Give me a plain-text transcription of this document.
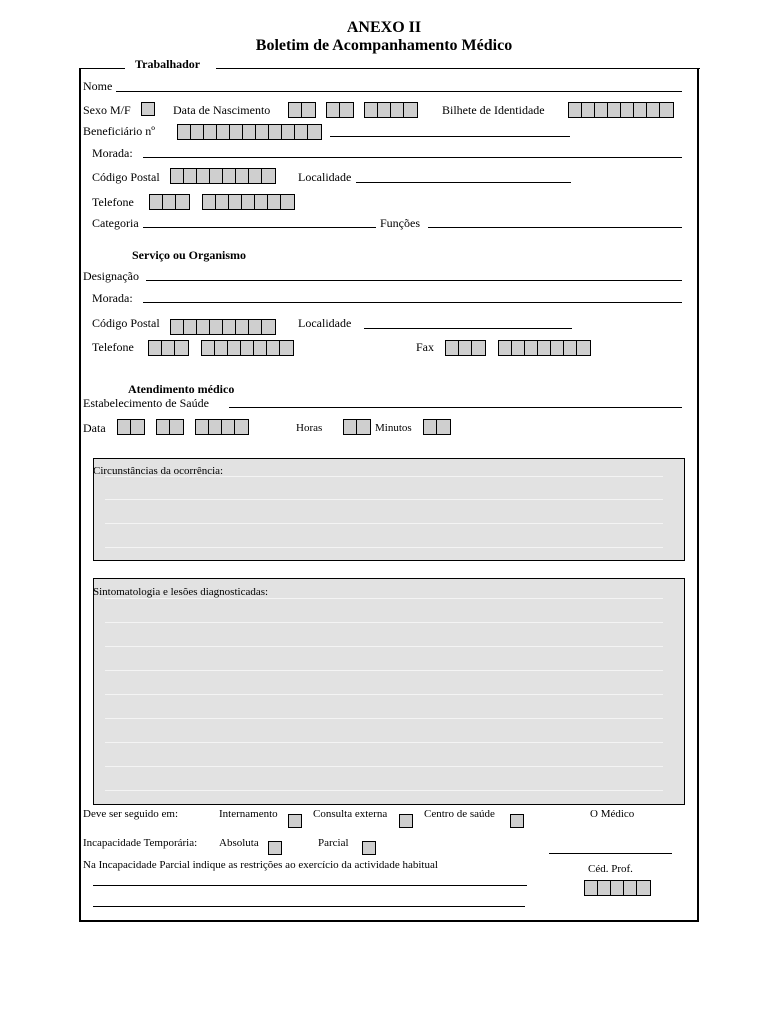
ANEXO II
Boletim de Acompanhamento Médico
Trabalhador
Nome
Sexo M/F	Data de Nascimento	Bilhete de Identidade
Beneficiário nº
Morada:
Código Postal	Localidade
Telefone
Categoria	Funções
Serviço ou Organismo
Designação
Morada:
Código Postal	Localidade
Telefone	Fax
Atendimento médico
Estabelecimento de Saúde
Data	Horas	Minutos
Circunstâncias da ocorrência:
Sintomatologia e lesões diagnosticadas:
Deve ser seguido em:	Internamento	Consulta externa	Centro de saúde	O Médico
Incapacidade Temporária: Absoluta	Parcial
Na Incapacidade Parcial indique as restrições ao exercício da actividade habitual	Céd. Prof.
